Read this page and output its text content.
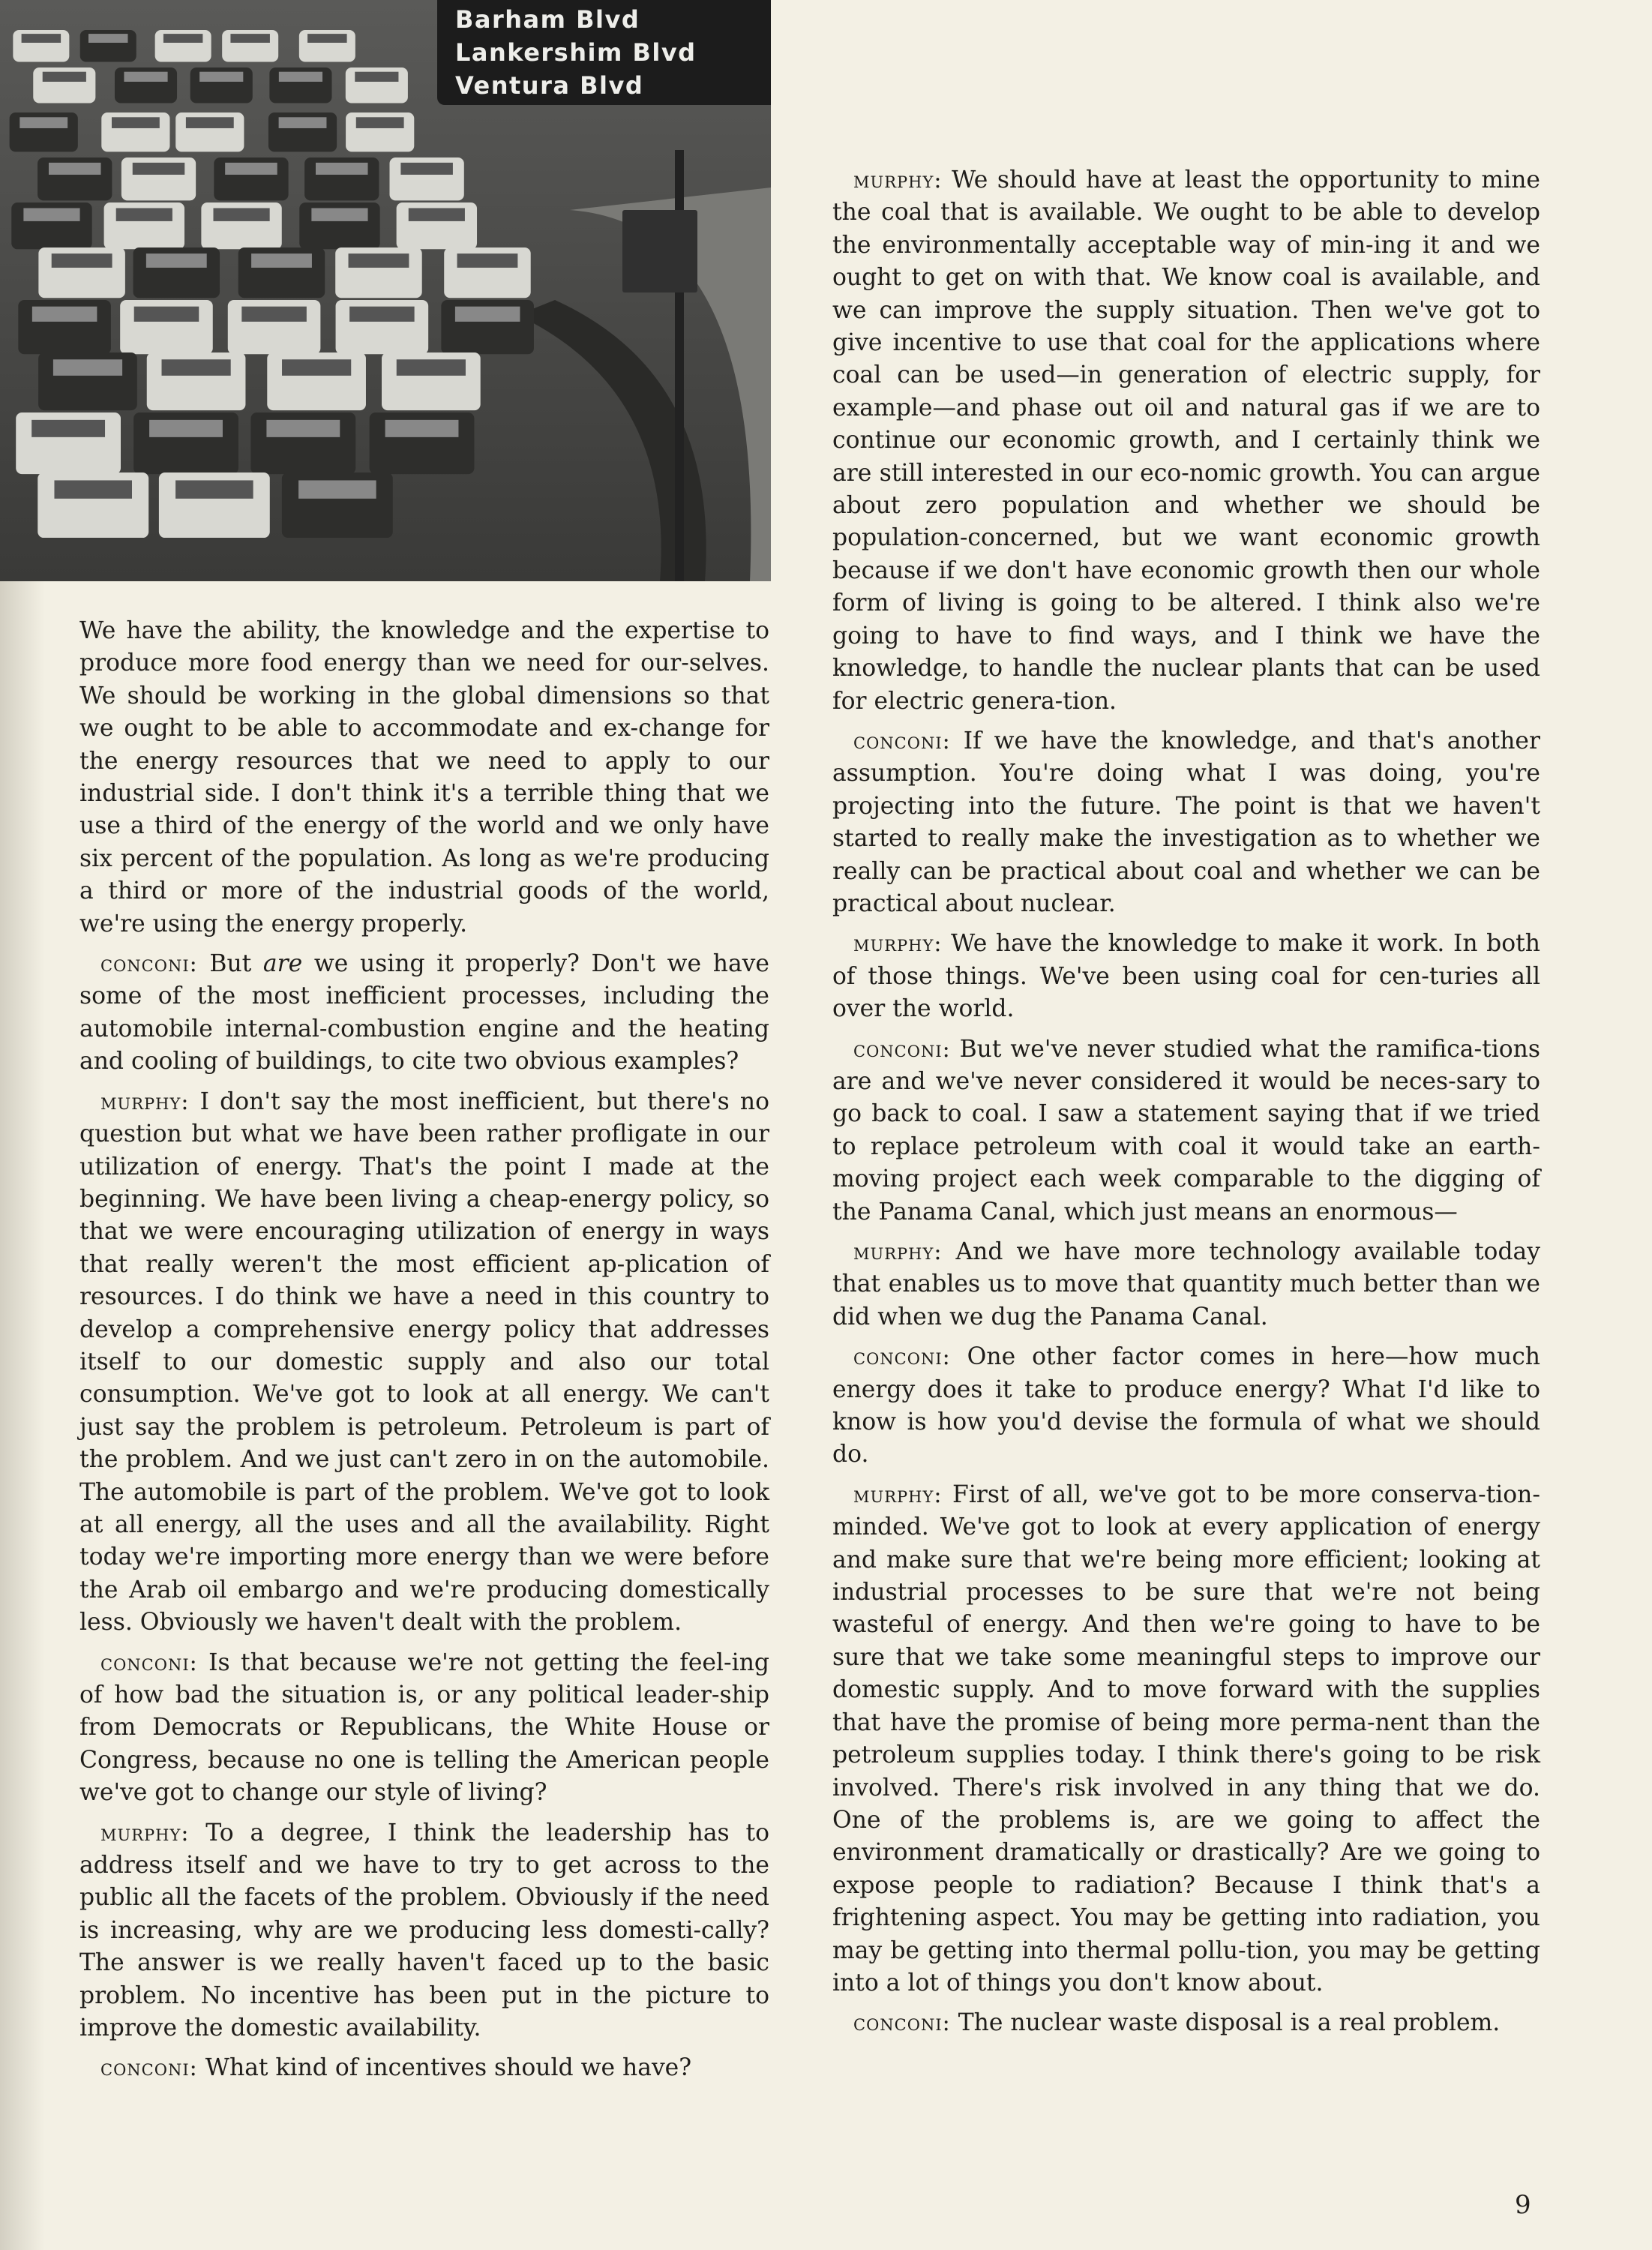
Barham Blvd
Lankershim Blvd
Ventura Blvd

We have the ability, the knowledge and the expertise to produce more food energy than we need for our-selves. We should be working in the global dimensions so that we ought to be able to accommodate and ex-change for the energy resources that we need to apply to our industrial side. I don't think it's a terrible thing that we use a third of the energy of the world and we only have six percent of the population. As long as we're producing a third or more of the industrial goods of the world, we're using the energy properly.

conconi: But are we using it properly? Don't we have some of the most inefficient processes, including the automobile internal-combustion engine and the heating and cooling of buildings, to cite two obvious examples?

murphy: I don't say the most inefficient, but there's no question but what we have been rather profligate in our utilization of energy. That's the point I made at the beginning. We have been living a cheap-energy policy, so that we were encouraging utilization of energy in ways that really weren't the most efficient ap-plication of resources. I do think we have a need in this country to develop a comprehensive energy policy that addresses itself to our domestic supply and also our total consumption. We've got to look at all energy. We can't just say the problem is petroleum. Petroleum is part of the problem. And we just can't zero in on the automobile. The automobile is part of the problem. We've got to look at all energy, all the uses and all the availability. Right today we're importing more energy than we were before the Arab oil embargo and we're producing domestically less. Obviously we haven't dealt with the problem.

conconi: Is that because we're not getting the feel-ing of how bad the situation is, or any political leader-ship from Democrats or Republicans, the White House or Congress, because no one is telling the American people we've got to change our style of living?

murphy: To a degree, I think the leadership has to address itself and we have to try to get across to the public all the facets of the problem. Obviously if the need is increasing, why are we producing less domesti-cally? The answer is we really haven't faced up to the basic problem. No incentive has been put in the picture to improve the domestic availability.

conconi: What kind of incentives should we have?

murphy: We should have at least the opportunity to mine the coal that is available. We ought to be able to develop the environmentally acceptable way of min-ing it and we ought to get on with that. We know coal is available, and we can improve the supply situation. Then we've got to give incentive to use that coal for the applications where coal can be used—in generation of electric supply, for example—and phase out oil and natural gas if we are to continue our economic growth, and I certainly think we are still interested in our eco-nomic growth. You can argue about zero population and whether we should be population-concerned, but we want economic growth because if we don't have economic growth then our whole form of living is going to be altered. I think also we're going to have to find ways, and I think we have the knowledge, to handle the nuclear plants that can be used for electric genera-tion.

conconi: If we have the knowledge, and that's another assumption. You're doing what I was doing, you're projecting into the future. The point is that we haven't started to really make the investigation as to whether we really can be practical about coal and whether we can be practical about nuclear.

murphy: We have the knowledge to make it work. In both of those things. We've been using coal for cen-turies all over the world.

conconi: But we've never studied what the ramifica-tions are and we've never considered it would be neces-sary to go back to coal. I saw a statement saying that if we tried to replace petroleum with coal it would take an earth-moving project each week comparable to the digging of the Panama Canal, which just means an enormous—

murphy: And we have more technology available today that enables us to move that quantity much better than we did when we dug the Panama Canal.

conconi: One other factor comes in here—how much energy does it take to produce energy? What I'd like to know is how you'd devise the formula of what we should do.

murphy: First of all, we've got to be more conserva-tion-minded. We've got to look at every application of energy and make sure that we're being more efficient; looking at industrial processes to be sure that we're not being wasteful of energy. And then we're going to have to be sure that we take some meaningful steps to improve our domestic supply. And to move forward with the supplies that have the promise of being more perma-nent than the petroleum supplies today. I think there's going to be risk involved. There's risk involved in any thing that we do. One of the problems is, are we going to affect the environment dramatically or drastically? Are we going to expose people to radiation? Because I think that's a frightening aspect. You may be getting into radiation, you may be getting into thermal pollu-tion, you may be getting into a lot of things you don't know about.

conconi: The nuclear waste disposal is a real problem.

9
